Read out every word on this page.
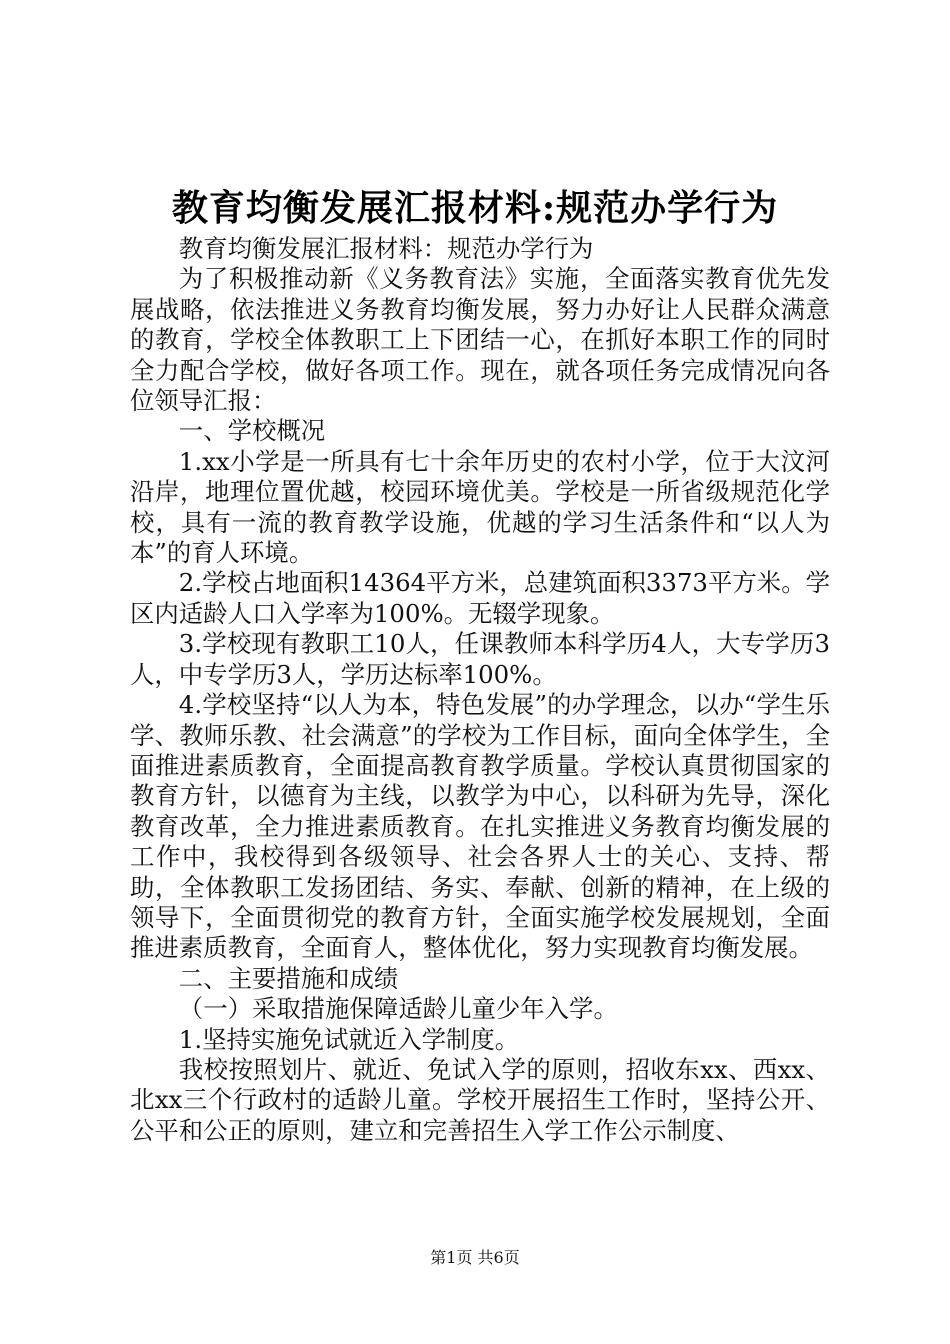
教育均衡发展汇报材料:规范办学行为

教育均衡发展汇报材料：规范办学行为

为了积极推动新《义务教育法》实施，全面落实教育优先发展战略，依法推进义务教育均衡发展，努力办好让人民群众满意的教育，学校全体教职工上下团结一心，在抓好本职工作的同时全力配合学校，做好各项工作。现在，就各项任务完成情况向各位领导汇报：

一、学校概况

1.xx小学是一所具有七十余年历史的农村小学，位于大汶河沿岸，地理位置优越，校园环境优美。学校是一所省级规范化学校，具有一流的教育教学设施，优越的学习生活条件和“以人为本”的育人环境。

2.学校占地面积14364平方米，总建筑面积3373平方米。学区内适龄人口入学率为100%。无辍学现象。

3.学校现有教职工10人，任课教师本科学历4人，大专学历3人，中专学历3人，学历达标率100%。

4.学校坚持“以人为本，特色发展”的办学理念，以办“学生乐学、教师乐教、社会满意”的学校为工作目标，面向全体学生，全面推进素质教育，全面提高教育教学质量。学校认真贯彻国家的教育方针，以德育为主线，以教学为中心，以科研为先导，深化教育改革，全力推进素质教育。在扎实推进义务教育均衡发展的工作中，我校得到各级领导、社会各界人士的关心、支持、帮助，全体教职工发扬团结、务实、奉献、创新的精神，在上级的领导下，全面贯彻党的教育方针，全面实施学校发展规划，全面推进素质教育，全面育人，整体优化，努力实现教育均衡发展。

二、主要措施和成绩

（一）采取措施保障适龄儿童少年入学。

1.坚持实施免试就近入学制度。

我校按照划片、就近、免试入学的原则，招收东xx、西xx、北xx三个行政村的适龄儿童。学校开展招生工作时，坚持公开、公平和公正的原则，建立和完善招生入学工作公示制度、

第1页 共6页
